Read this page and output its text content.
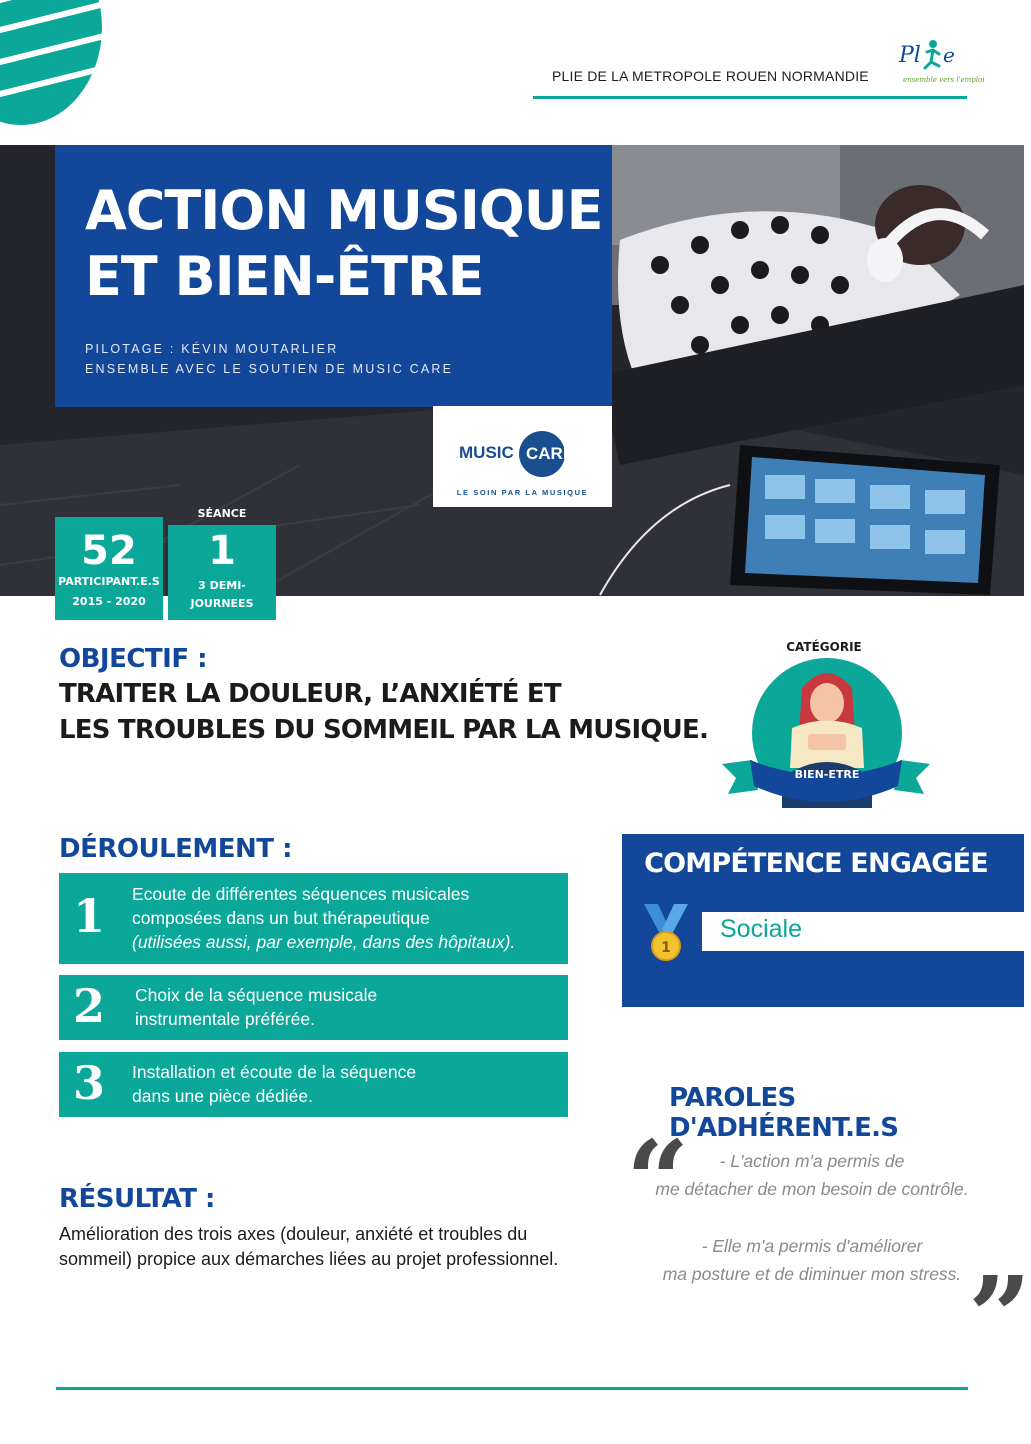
PLIE DE LA METROPOLE ROUEN NORMANDIE
Pl e
ensemble vers l'emploi
ACTION MUSIQUE
ET BIEN-ÊTRE
PILOTAGE : KÉVIN MOUTARLIER
ENSEMBLE AVEC LE SOUTIEN DE MUSIC CARE
MUSIC CARE
LE SOIN PAR LA MUSIQUE
52
PARTICIPANT.E.S
2015 - 2020
SÉANCE
1
3 DEMI-JOURNEES
OBJECTIF :
TRAITER LA DOULEUR, L’ANXIÉTÉ ET
LES TROUBLES DU SOMMEIL PAR LA MUSIQUE.
CATÉGORIE
BIEN-ETRE
DÉROULEMENT :
1 Ecoute de différentes séquences musicales
composées dans un but thérapeutique
(utilisées aussi, par exemple, dans des hôpitaux).
2 Choix de la séquence musicale
instrumentale préférée.
3 Installation et écoute de la séquence
dans une pièce dédiée.
COMPÉTENCE ENGAGÉE
Sociale
1
PAROLES D'ADHÉRENT.E.S
“	- L'action m'a permis de
me détacher de mon besoin de contrôle.
- Elle m'a permis d'améliorer
ma posture et de diminuer mon stress. ”
RÉSULTAT :
Amélioration des trois axes (douleur, anxiété et troubles du
sommeil) propice aux démarches liées au projet professionnel.
